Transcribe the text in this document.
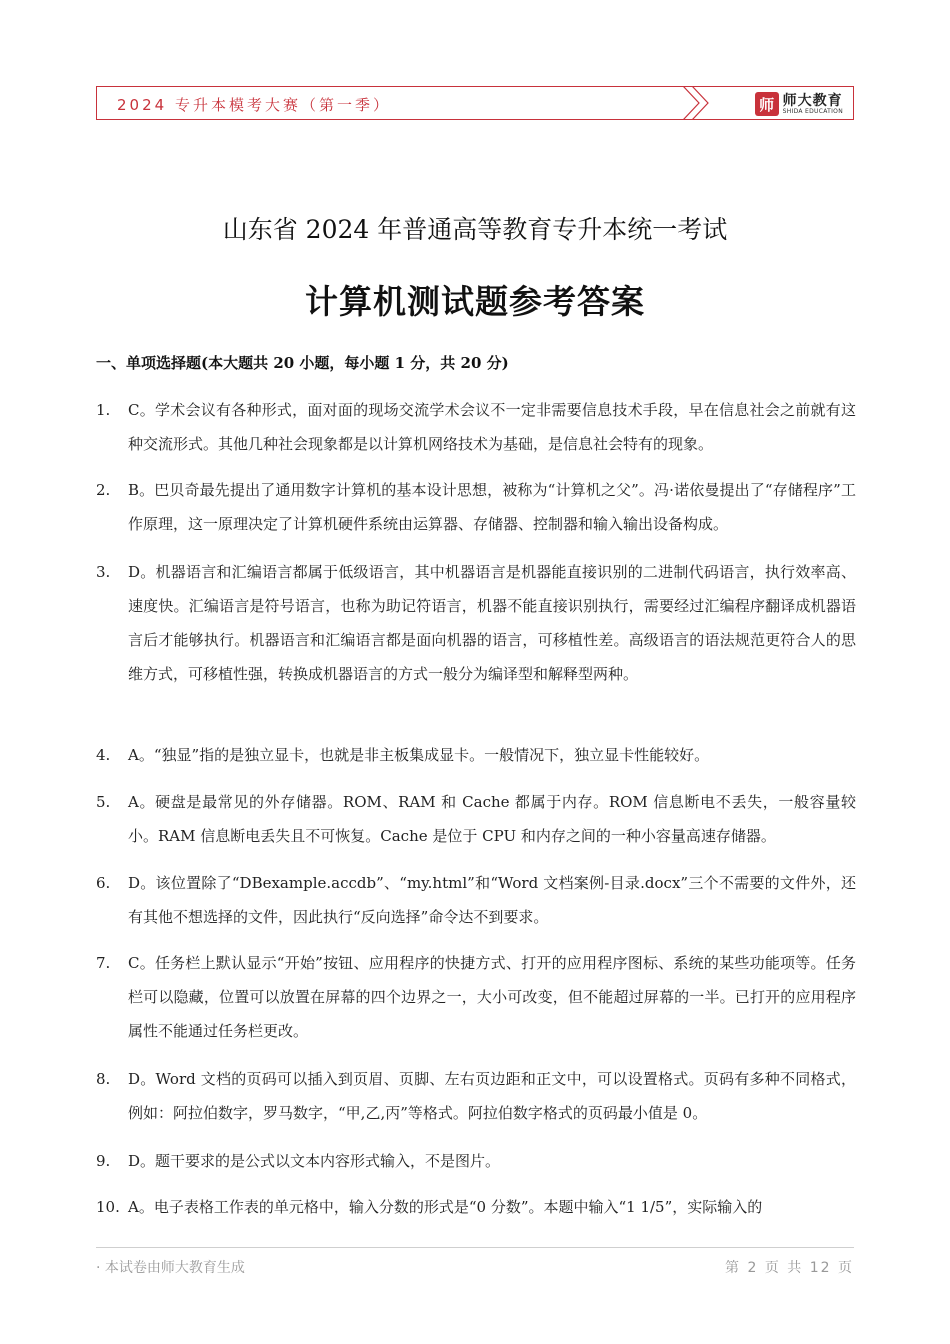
2024 专升本模考大赛（第一季）	师 师大教育
SHIDA EDUCATION
山东省 2024 年普通高等教育专升本统一考试
计算机测试题参考答案
一、单项选择题(本大题共 20 小题，每小题 1 分，共 20 分)
1. C。学术会议有各种形式，面对面的现场交流学术会议不一定非需要信息技术手段，早在信息社会之前就有这种交流形式。其他几种社会现象都是以计算机网络技术为基础，是信息社会特有的现象。
2. B。巴贝奇最先提出了通用数字计算机的基本设计思想，被称为“计算机之父”。冯·诺依曼提出了“存储程序”工作原理，这一原理决定了计算机硬件系统由运算器、存储器、控制器和输入输出设备构成。
3. D。机器语言和汇编语言都属于低级语言，其中机器语言是机器能直接识别的二进制代码语言，执行效率高、速度快。汇编语言是符号语言，也称为助记符语言，机器不能直接识别执行，需要经过汇编程序翻译成机器语言后才能够执行。机器语言和汇编语言都是面向机器的语言，可移植性差。高级语言的语法规范更符合人的思维方式，可移植性强，转换成机器语言的方式一般分为编译型和解释型两种。
4. A。“独显”指的是独立显卡，也就是非主板集成显卡。一般情况下，独立显卡性能较好。
5. A。硬盘是最常见的外存储器。ROM、RAM 和 Cache 都属于内存。ROM 信息断电不丢失，一般容量较小。RAM 信息断电丢失且不可恢复。Cache 是位于 CPU 和内存之间的一种小容量高速存储器。
6. D。该位置除了“DBexample.accdb”、“my.html”和“Word 文档案例-目录.docx”三个不需要的文件外，还有其他不想选择的文件，因此执行“反向选择”命令达不到要求。
7. C。任务栏上默认显示“开始”按钮、应用程序的快捷方式、打开的应用程序图标、系统的某些功能项等。任务栏可以隐藏，位置可以放置在屏幕的四个边界之一，大小可改变，但不能超过屏幕的一半。已打开的应用程序属性不能通过任务栏更改。
8. D。Word 文档的页码可以插入到页眉、页脚、左右页边距和正文中，可以设置格式。页码有多种不同格式，例如：阿拉伯数字，罗马数字，“甲,乙,丙”等格式。阿拉伯数字格式的页码最小值是 0。
9. D。题干要求的是公式以文本内容形式输入，不是图片。
10. A。电子表格工作表的单元格中，输入分数的形式是“0 分数”。本题中输入“1 1/5”，实际输入的
· 本试卷由师大教育生成	第 2 页 共 12 页
